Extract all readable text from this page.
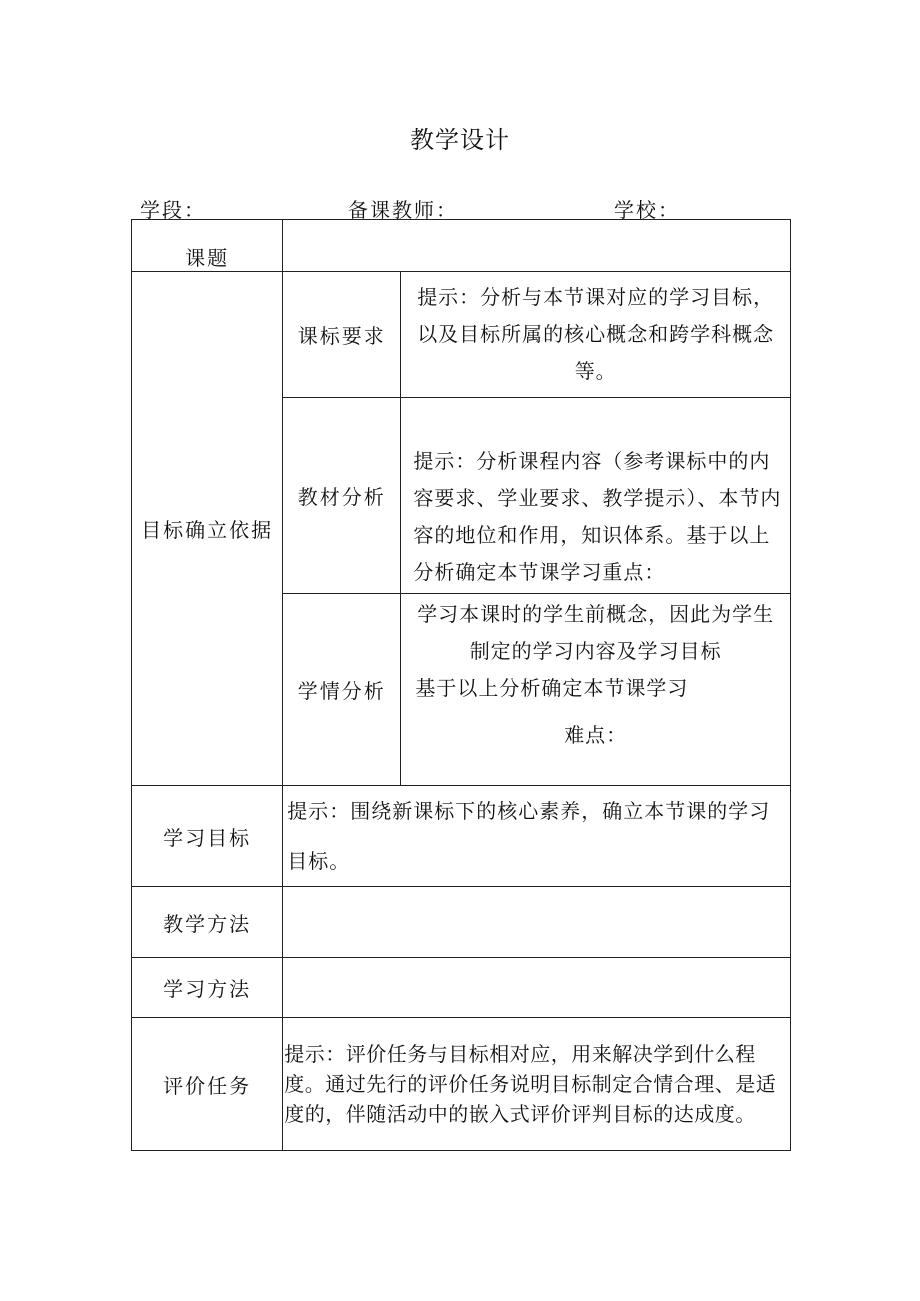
教学设计
学段：	备课教师：	学校：
课题		

目标确立依据	课标要求	提示：分析与本节课对应的学习目标，以及目标所属的核心概念和跨学科概念等。
	教材分析	提示：分析课程内容（参考课标中的内容要求、学业要求、教学提示）、本节内容的地位和作用，知识体系。基于以上分析确定本节课学习重点：
	学情分析	学习本课时的学生前概念，因此为学生制定的学习内容及学习目标
基于以上分析确定本节课学习
难点：

学习目标	提示：围绕新课标下的核心素养，确立本节课的学习目标。	
教学方法		
学习方法		
评价任务	提示：评价任务与目标相对应，用来解决学到什么程度。通过先行的评价任务说明目标制定合情合理、是适度的，伴随活动中的嵌入式评价评判目标的达成度。	
